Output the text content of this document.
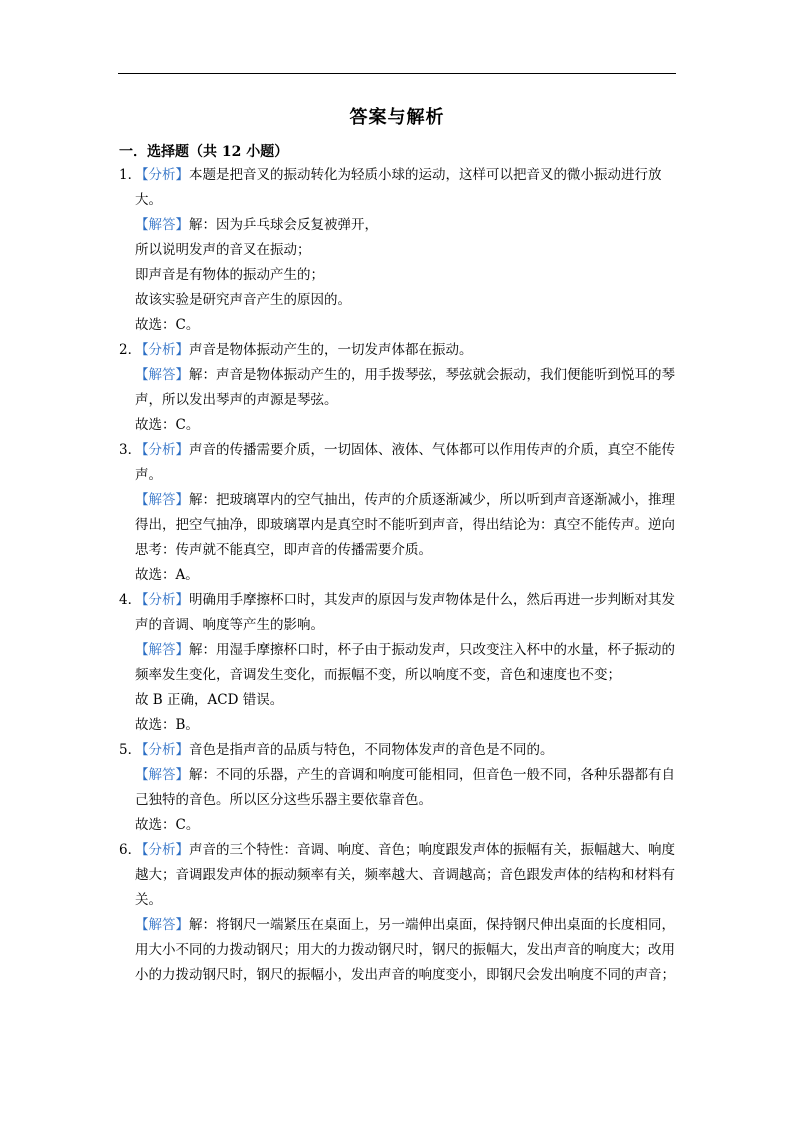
答案与解析
一．选择题（共 12 小题）
1．
【分析】本题是把音叉的振动转化为轻质小球的运动，这样可以把音叉的微小振动进行放大。
【解答】解：因为乒乓球会反复被弹开，
所以说明发声的音叉在振动；
即声音是有物体的振动产生的；
故该实验是研究声音产生的原因的。
故选：C。
2．
【分析】声音是物体振动产生的，一切发声体都在振动。
【解答】解：声音是物体振动产生的，用手拨琴弦，琴弦就会振动，我们便能听到悦耳的琴声，所以发出琴声的声源是琴弦。
故选：C。
3．
【分析】声音的传播需要介质，一切固体、液体、气体都可以作用传声的介质，真空不能传声。
【解答】解：把玻璃罩内的空气抽出，传声的介质逐渐减少，所以听到声音逐渐减小，推理得出，把空气抽净，即玻璃罩内是真空时不能听到声音，得出结论为：真空不能传声。逆向思考：传声就不能真空，即声音的传播需要介质。
故选：A。
4．
【分析】明确用手摩擦杯口时，其发声的原因与发声物体是什么，然后再进一步判断对其发声的音调、响度等产生的影响。
【解答】解：用湿手摩擦杯口时，杯子由于振动发声，只改变注入杯中的水量，杯子振动的频率发生变化，音调发生变化，而振幅不变，所以响度不变，音色和速度也不变；
故 B 正确，ACD 错误。
故选：B。
5．
【分析】音色是指声音的品质与特色，不同物体发声的音色是不同的。
【解答】解：不同的乐器，产生的音调和响度可能相同，但音色一般不同，各种乐器都有自己独特的音色。所以区分这些乐器主要依靠音色。
故选：C。
6．
【分析】声音的三个特性：音调、响度、音色；响度跟发声体的振幅有关，振幅越大、响度越大；音调跟发声体的振动频率有关，频率越大、音调越高；音色跟发声体的结构和材料有关。
【解答】解：将钢尺一端紧压在桌面上，另一端伸出桌面，保持钢尺伸出桌面的长度相同，用大小不同的力拨动钢尺；用大的力拨动钢尺时，钢尺的振幅大，发出声音的响度大；改用小的力拨动钢尺时，钢尺的振幅小，发出声音的响度变小，即钢尺会发出响度不同的声音；
